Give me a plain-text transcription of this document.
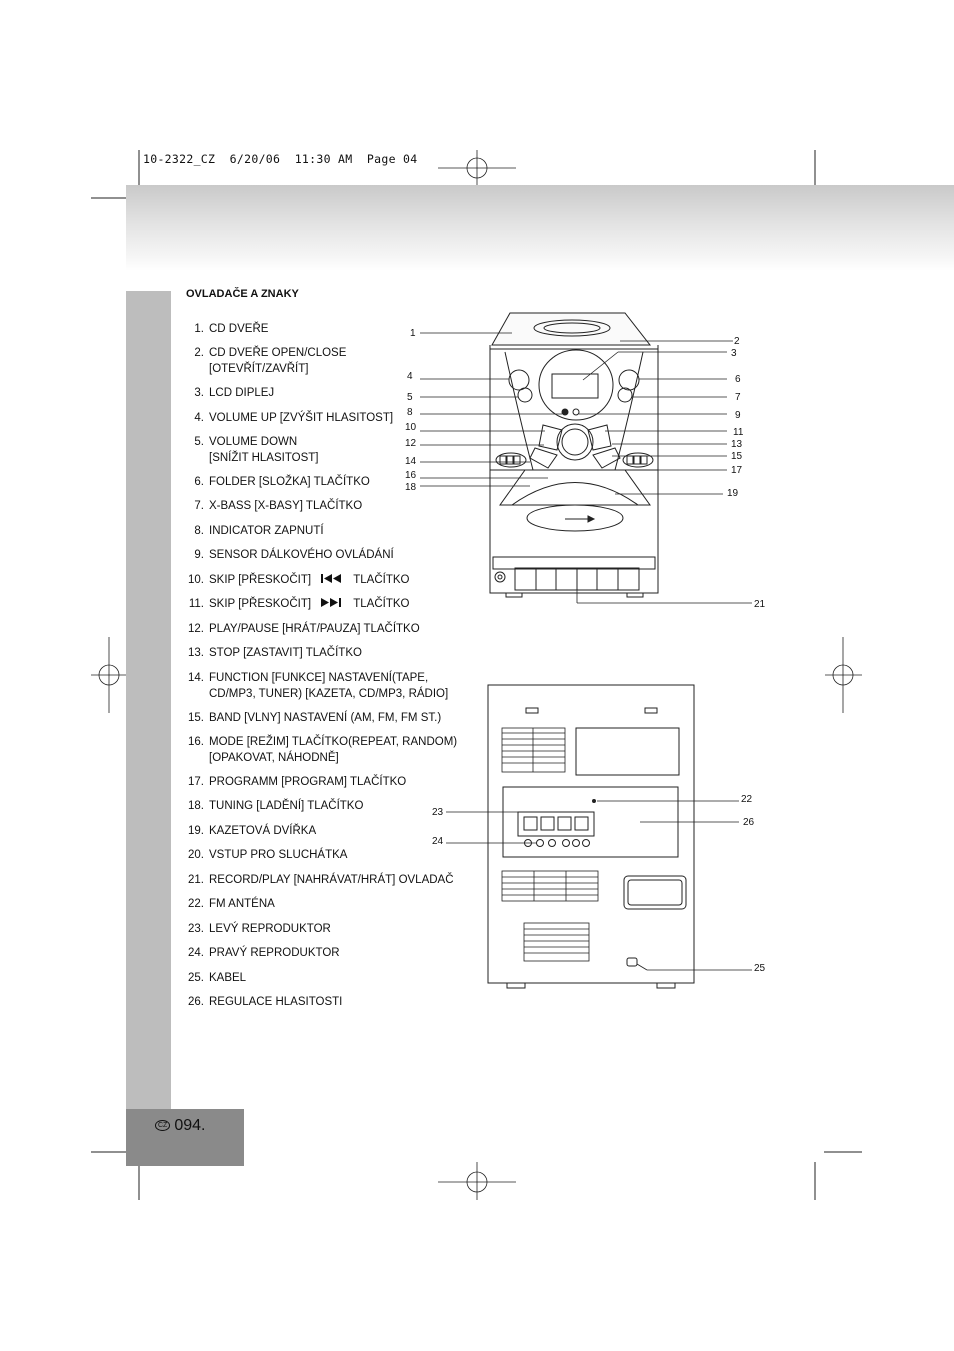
10-2322_CZ  6/20/06  11:30 AM  Page 04
CZ 094.
OVLADAČE A ZNAKY
1. CD DVEŘE
2. CD DVEŘE OPEN/CLOSE
[OTEVŘÍT/ZAVŘÍT]
3. LCD DIPLEJ
4. VOLUME UP [ZVÝŠIT HLASITOST]
5. VOLUME DOWN
[SNÍŽIT HLASITOST]
6. FOLDER [SLOŽKA] TLAČÍTKO
7. X-BASS [X-BASY] TLAČÍTKO
8. INDICATOR ZAPNUTÍ
9. SENSOR DÁLKOVÉHO OVLÁDÁNÍ
10. SKIP [PŘESKOČIT]	TLAČÍTKO
11. SKIP [PŘESKOČIT]	TLAČÍTKO
12. PLAY/PAUSE [HRÁT/PAUZA] TLAČÍTKO
13. STOP [ZASTAVIT] TLAČÍTKO
14. FUNCTION [FUNKCE] NASTAVENÍ(TAPE,
CD/MP3, TUNER) [KAZETA, CD/MP3, RÁDIO]
15. BAND [VLNY] NASTAVENÍ (AM, FM, FM ST.)
16. MODE [REŽIM] TLAČÍTKO(REPEAT, RANDOM)
[OPAKOVAT, NÁHODNĚ]
17. PROGRAMM [PROGRAM] TLAČÍTKO
18. TUNING [LADĚNÍ] TLAČÍTKO
19. KAZETOVÁ DVÍŘKA
20. VSTUP PRO SLUCHÁTKA
21. RECORD/PLAY [NAHRÁVAT/HRÁT] OVLADAČ
22. FM ANTÉNA
23. LEVÝ REPRODUKTOR
24. PRAVÝ REPRODUKTOR
25. KABEL
26. REGULACE HLASITOSTI
1
2
3
4	6
5	7
8	9
10	11
12	13
15
14
17
16
18
19
21
22
23
26
24
25
